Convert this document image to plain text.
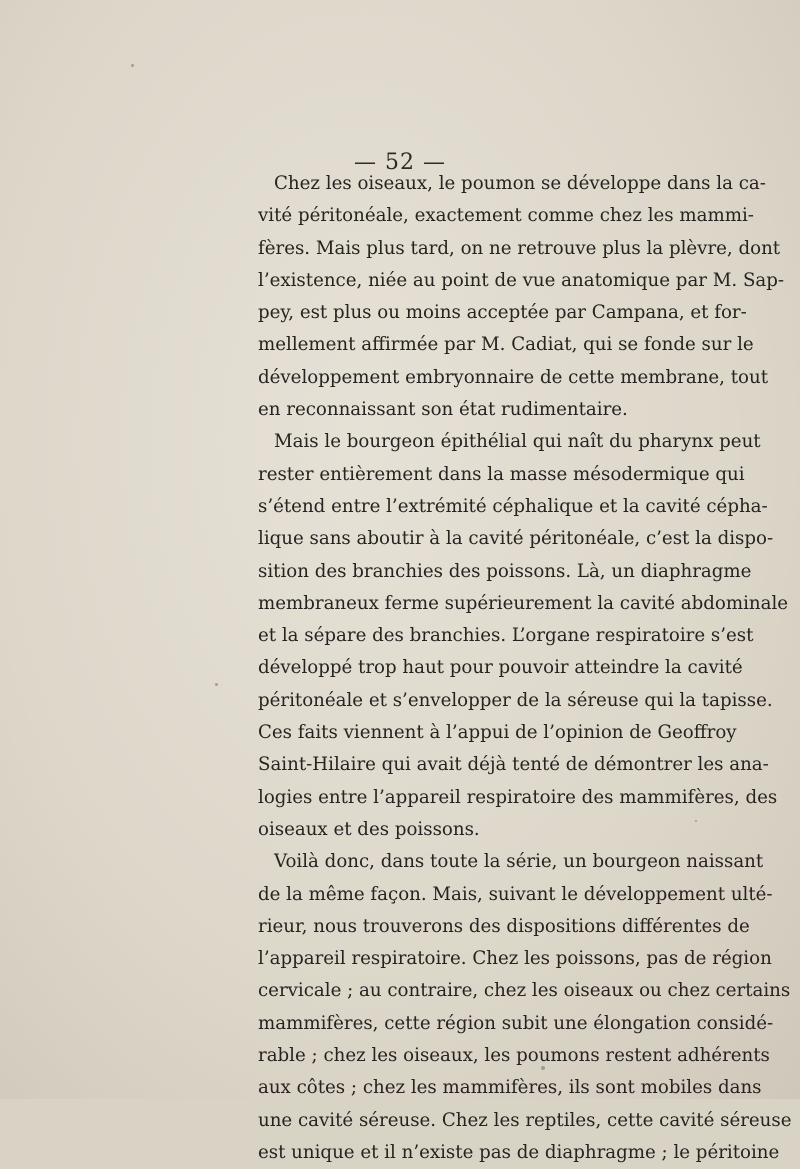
— 52 —
Chez les oiseaux, le poumon se développe dans la ca-
vité péritonéale, exactement comme chez les mammi-
fères. Mais plus tard, on ne retrouve plus la plèvre, dont
l’existence, niée au point de vue anatomique par M. Sap-
pey, est plus ou moins acceptée par Campana, et for-
mellement affirmée par M. Cadiat, qui se fonde sur le
développement embryonnaire de cette membrane, tout
en reconnaissant son état rudimentaire.
Mais le bourgeon épithélial qui naît du pharynx peut
rester entièrement dans la masse mésodermique qui
s’étend entre l’extrémité céphalique et la cavité cépha-
lique sans aboutir à la cavité péritonéale, c’est la dispo-
sition des branchies des poissons. Là, un diaphragme
membraneux ferme supérieurement la cavité abdominale
et la sépare des branchies. L’organe respiratoire s’est
développé trop haut pour pouvoir atteindre la cavité
péritonéale et s’envelopper de la séreuse qui la tapisse.
Ces faits viennent à l’appui de l’opinion de Geoffroy
Saint-Hilaire qui avait déjà tenté de démontrer les ana-
logies entre l’appareil respiratoire des mammifères, des
oiseaux et des poissons.
Voilà donc, dans toute la série, un bourgeon naissant
de la même façon. Mais, suivant le développement ulté-
rieur, nous trouverons des dispositions différentes de
l’appareil respiratoire. Chez les poissons, pas de région
cervicale ; au contraire, chez les oiseaux ou chez certains
mammifères, cette région subit une élongation considé-
rable ; chez les oiseaux, les poumons restent adhérents
aux côtes ; chez les mammifères, ils sont mobiles dans
une cavité séreuse. Chez les reptiles, cette cavité séreuse
est unique et il n’existe pas de diaphragme ; le péritoine
